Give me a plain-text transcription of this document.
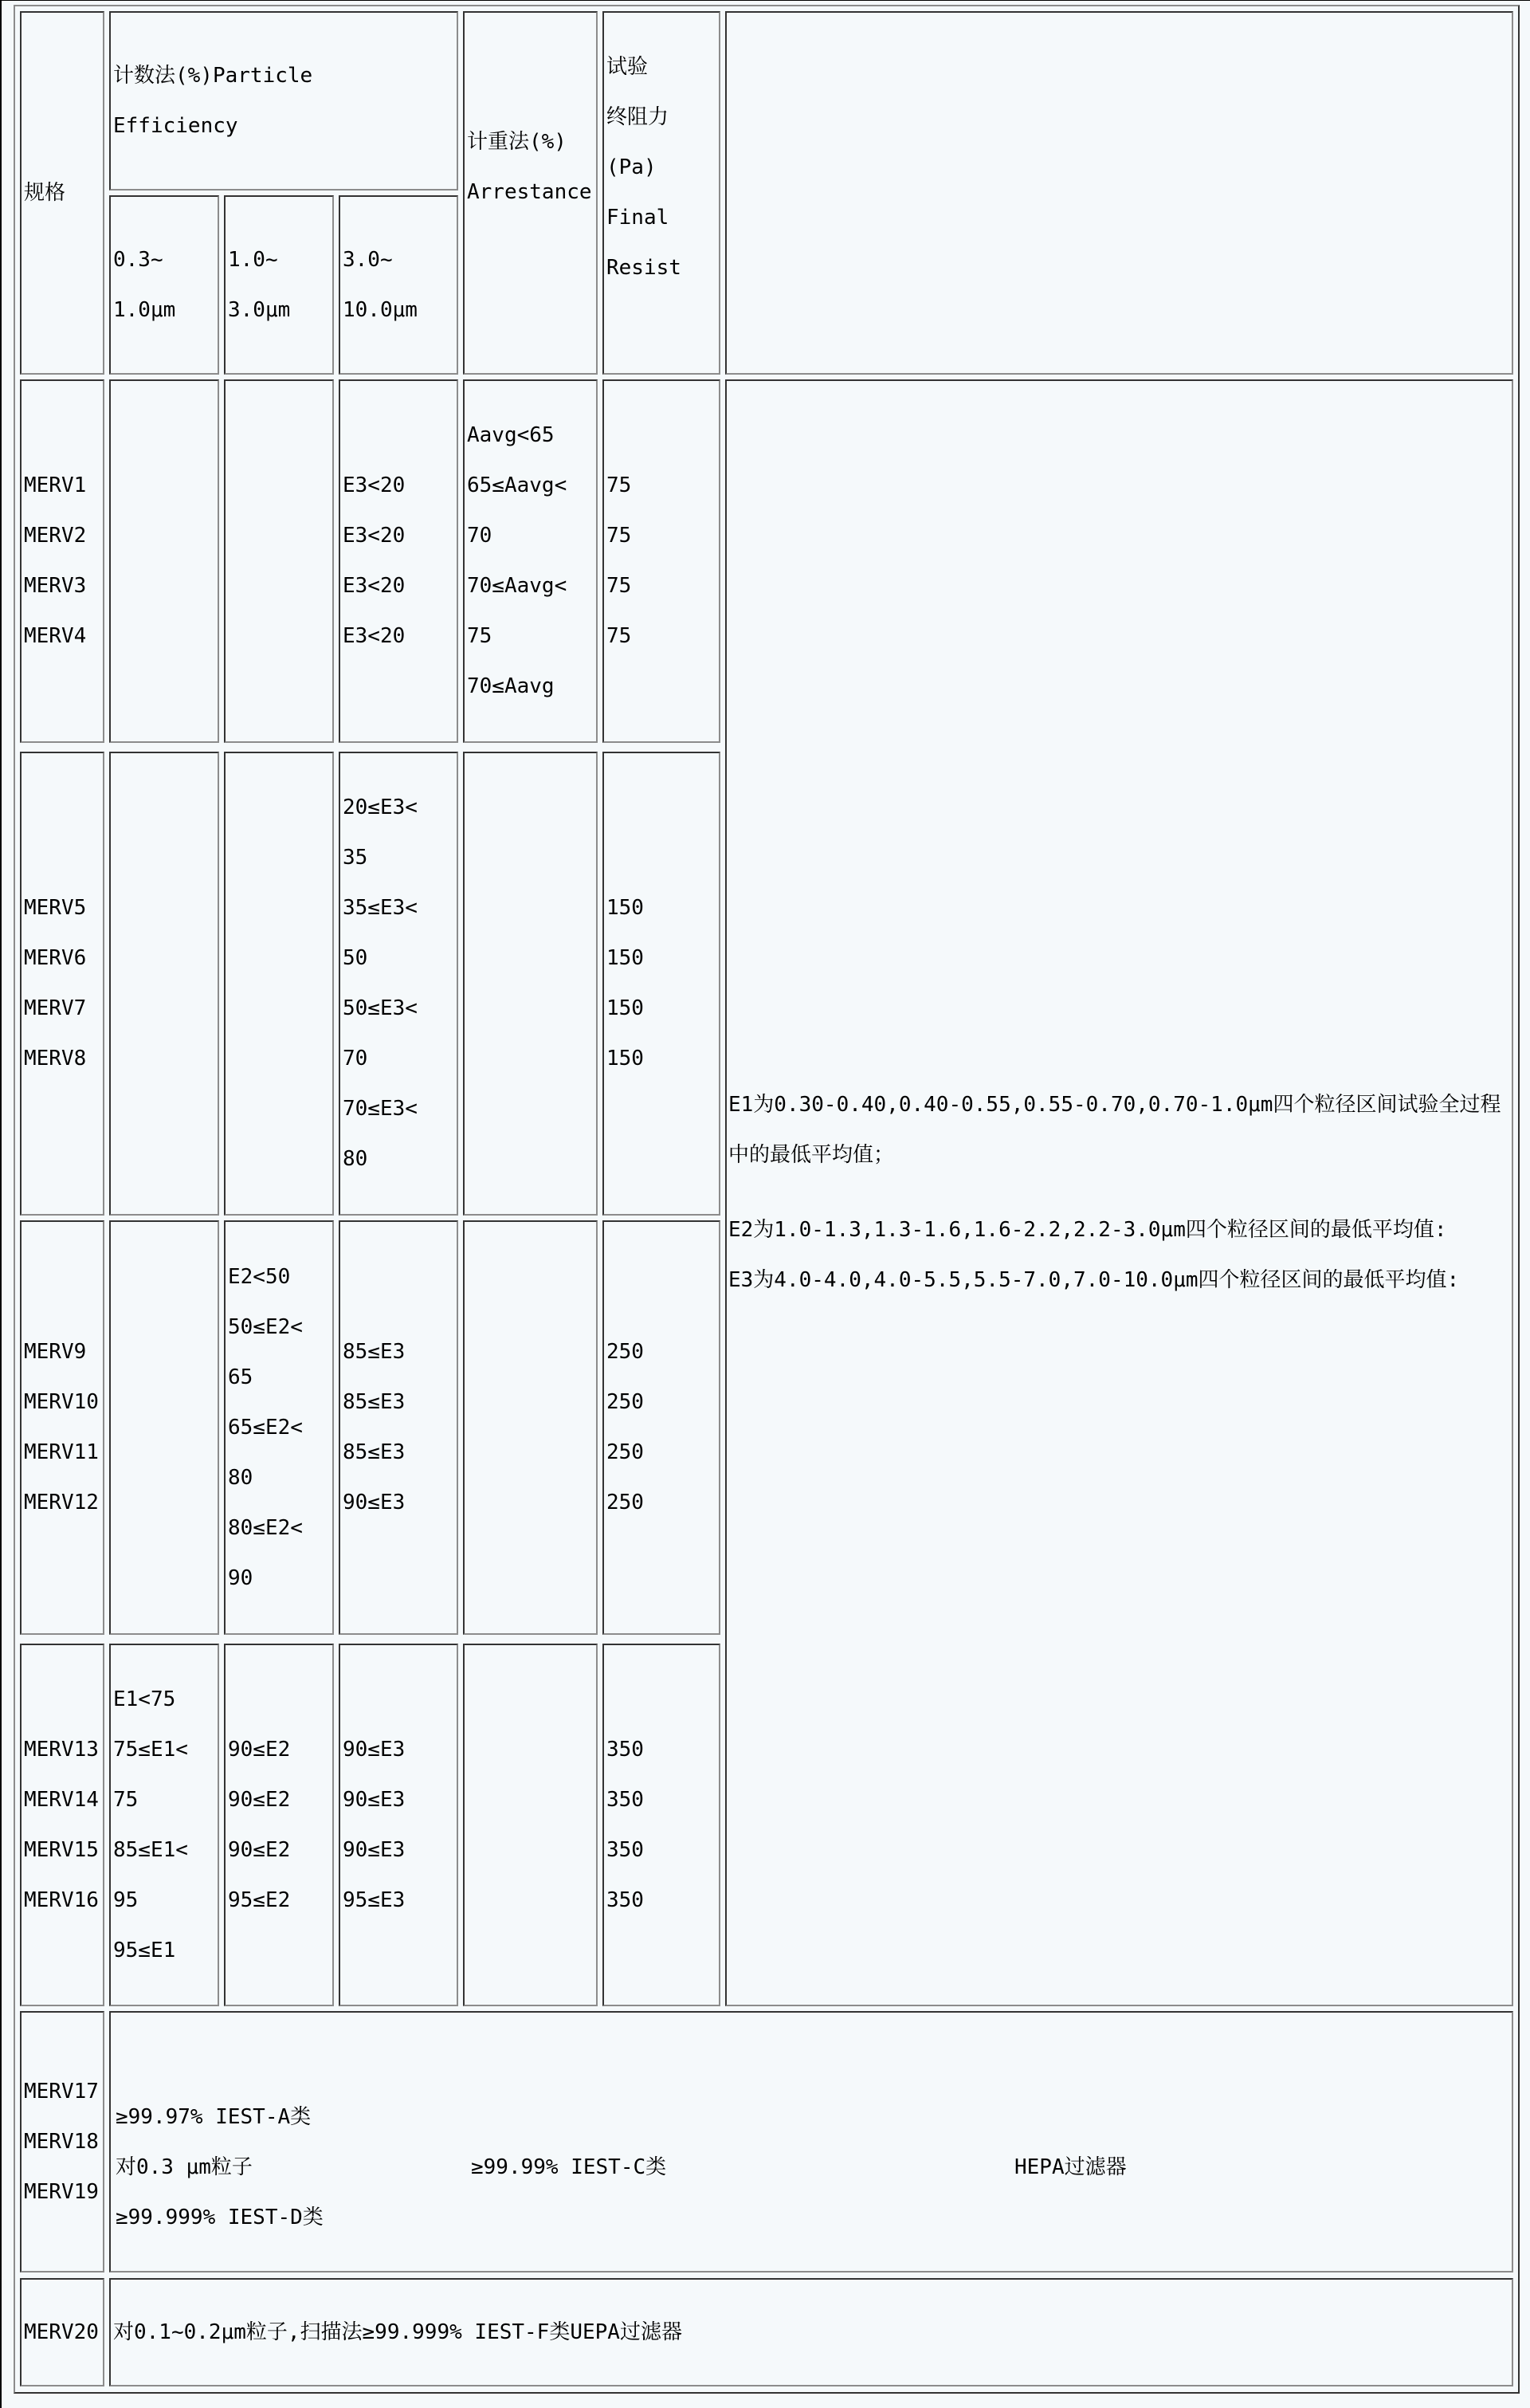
规格
计数法(%)Particle
Efficiency
计重法(%)
Arrestance
试验
终阻力
(Pa)
Final
Resist
0.3~
1.0μm
1.0~
3.0μm
3.0~
10.0μm
MERV1
MERV2
MERV3
MERV4
E3<20
E3<20
E3<20
E3<20
Aavg<65
65≤Aavg<70
70≤Aavg<75
70≤Aavg
75
75
75
75

E1为0.30-0.40,0.40-0.55,0.55-0.70,0.70-1.0μm四个粒径区间试验全过程中的最低平均值；

E2为1.0-1.3,1.3-1.6,1.6-2.2,2.2-3.0μm四个粒径区间的最低平均值:

E3为4.0-4.0,4.0-5.5,5.5-7.0,7.0-10.0μm四个粒径区间的最低平均值:

MERV5
MERV6
MERV7
MERV8
20≤E3<35
35≤E3<50
50≤E3<70
70≤E3<80
150
150
150
150
MERV9
MERV10
MERV11
MERV12
E2<50
50≤E2<65
65≤E2<80
80≤E2<90
85≤E3
85≤E3
85≤E3
90≤E3
250
250
250
250
MERV13
MERV14
MERV15
MERV16
E1<75
75≤E1<75
85≤E1<95
95≤E1
90≤E2
90≤E2
90≤E2
95≤E2
90≤E3
90≤E3
90≤E3
95≤E3
350
350
350
350
MERV17
MERV18
MERV19
≥99.97% IEST-A类
对0.3 μm粒子	≥99.99% IEST-C类	HEPA过滤器
≥99.999% IEST-D类
MERV20 对0.1~0.2μm粒子,扫描法≥99.999% IEST-F类UEPA过滤器
